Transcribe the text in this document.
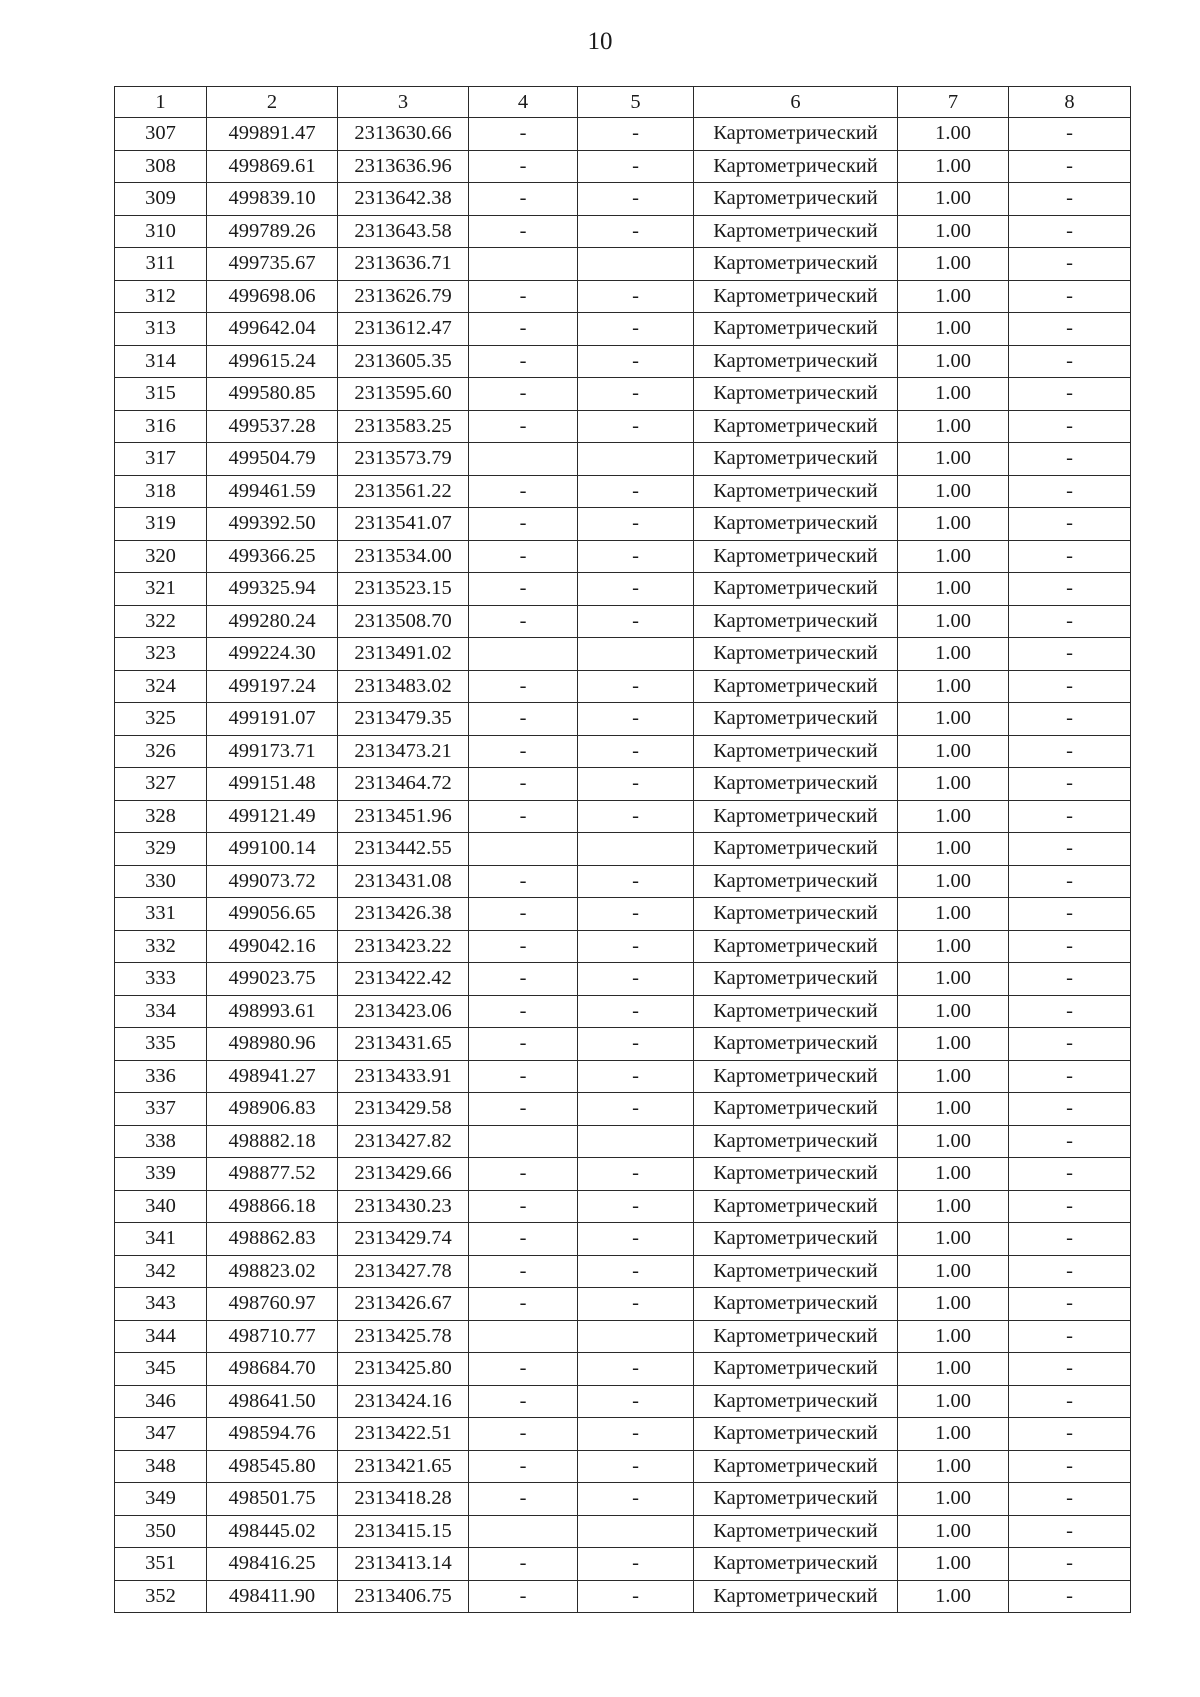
10
1	2	3	4	5	6	7	8
307	499891.47	2313630.66	-	-	Картометрический	1.00	-
308	499869.61	2313636.96	-	-	Картометрический	1.00	-
309	499839.10	2313642.38	-	-	Картометрический	1.00	-
310	499789.26	2313643.58	-	-	Картометрический	1.00	-
311	499735.67	2313636.71			Картометрический	1.00	-
312	499698.06	2313626.79	-	-	Картометрический	1.00	-
313	499642.04	2313612.47	-	-	Картометрический	1.00	-
314	499615.24	2313605.35	-	-	Картометрический	1.00	-
315	499580.85	2313595.60	-	-	Картометрический	1.00	-
316	499537.28	2313583.25	-	-	Картометрический	1.00	-
317	499504.79	2313573.79			Картометрический	1.00	-
318	499461.59	2313561.22	-	-	Картометрический	1.00	-
319	499392.50	2313541.07	-	-	Картометрический	1.00	-
320	499366.25	2313534.00	-	-	Картометрический	1.00	-
321	499325.94	2313523.15	-	-	Картометрический	1.00	-
322	499280.24	2313508.70	-	-	Картометрический	1.00	-
323	499224.30	2313491.02			Картометрический	1.00	-
324	499197.24	2313483.02	-	-	Картометрический	1.00	-
325	499191.07	2313479.35	-	-	Картометрический	1.00	-
326	499173.71	2313473.21	-	-	Картометрический	1.00	-
327	499151.48	2313464.72	-	-	Картометрический	1.00	-
328	499121.49	2313451.96	-	-	Картометрический	1.00	-
329	499100.14	2313442.55			Картометрический	1.00	-
330	499073.72	2313431.08	-	-	Картометрический	1.00	-
331	499056.65	2313426.38	-	-	Картометрический	1.00	-
332	499042.16	2313423.22	-	-	Картометрический	1.00	-
333	499023.75	2313422.42	-	-	Картометрический	1.00	-
334	498993.61	2313423.06	-	-	Картометрический	1.00	-
335	498980.96	2313431.65	-	-	Картометрический	1.00	-
336	498941.27	2313433.91	-	-	Картометрический	1.00	-
337	498906.83	2313429.58	-	-	Картометрический	1.00	-
338	498882.18	2313427.82			Картометрический	1.00	-
339	498877.52	2313429.66	-	-	Картометрический	1.00	-
340	498866.18	2313430.23	-	-	Картометрический	1.00	-
341	498862.83	2313429.74	-	-	Картометрический	1.00	-
342	498823.02	2313427.78	-	-	Картометрический	1.00	-
343	498760.97	2313426.67	-	-	Картометрический	1.00	-
344	498710.77	2313425.78			Картометрический	1.00	-
345	498684.70	2313425.80	-	-	Картометрический	1.00	-
346	498641.50	2313424.16	-	-	Картометрический	1.00	-
347	498594.76	2313422.51	-	-	Картометрический	1.00	-
348	498545.80	2313421.65	-	-	Картометрический	1.00	-
349	498501.75	2313418.28	-	-	Картометрический	1.00	-
350	498445.02	2313415.15			Картометрический	1.00	-
351	498416.25	2313413.14	-	-	Картометрический	1.00	-
352	498411.90	2313406.75	-	-	Картометрический	1.00	-
